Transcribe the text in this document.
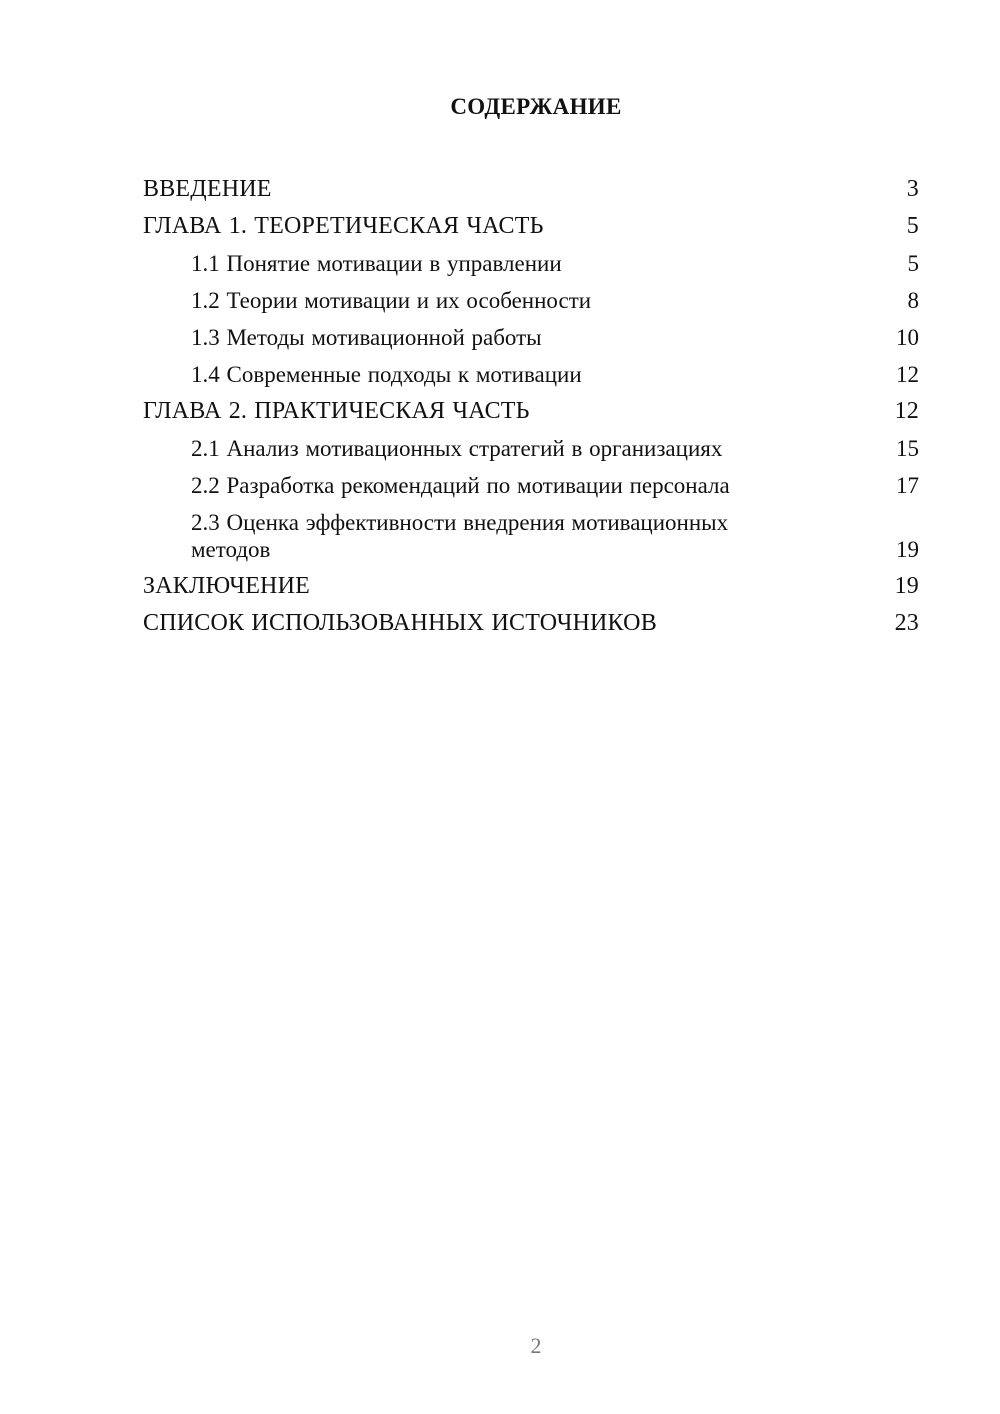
СОДЕРЖАНИЕ
ВВЕДЕНИЕ	3
ГЛАВА 1. ТЕОРЕТИЧЕСКАЯ ЧАСТЬ	5
1.1 Понятие мотивации в управлении	5
1.2 Теории мотивации и их особенности	8
1.3 Методы мотивационной работы	10
1.4 Современные подходы к мотивации	12
ГЛАВА 2. ПРАКТИЧЕСКАЯ ЧАСТЬ	12
2.1 Анализ мотивационных стратегий в организациях	15
2.2 Разработка рекомендаций по мотивации персонала	17
2.3 Оценка эффективности внедрения мотивационных методов	19
ЗАКЛЮЧЕНИЕ	19
СПИСОК ИСПОЛЬЗОВАННЫХ ИСТОЧНИКОВ	23
2
